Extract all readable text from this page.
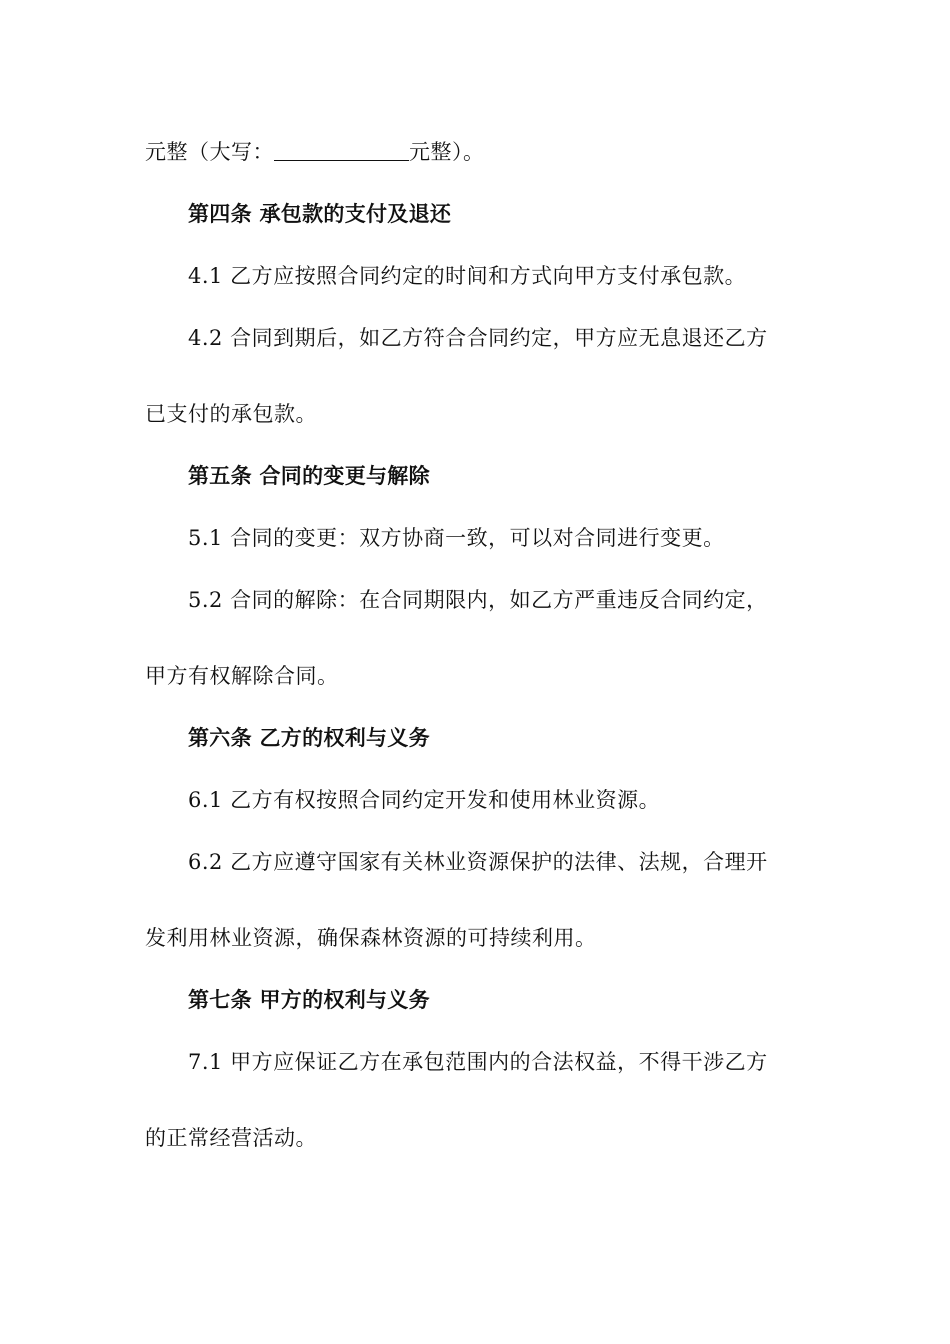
元整（大写：	元整）。

第四条 承包款的支付及退还

4.1 乙方应按照合同约定的时间和方式向甲方支付承包款。

4.2 合同到期后，如乙方符合合同约定，甲方应无息退还乙方

已支付的承包款。

第五条 合同的变更与解除

5.1 合同的变更：双方协商一致，可以对合同进行变更。

5.2 合同的解除：在合同期限内，如乙方严重违反合同约定，

甲方有权解除合同。

第六条 乙方的权利与义务

6.1 乙方有权按照合同约定开发和使用林业资源。

6.2 乙方应遵守国家有关林业资源保护的法律、法规，合理开

发利用林业资源，确保森林资源的可持续利用。

第七条 甲方的权利与义务

7.1 甲方应保证乙方在承包范围内的合法权益，不得干涉乙方

的正常经营活动。
